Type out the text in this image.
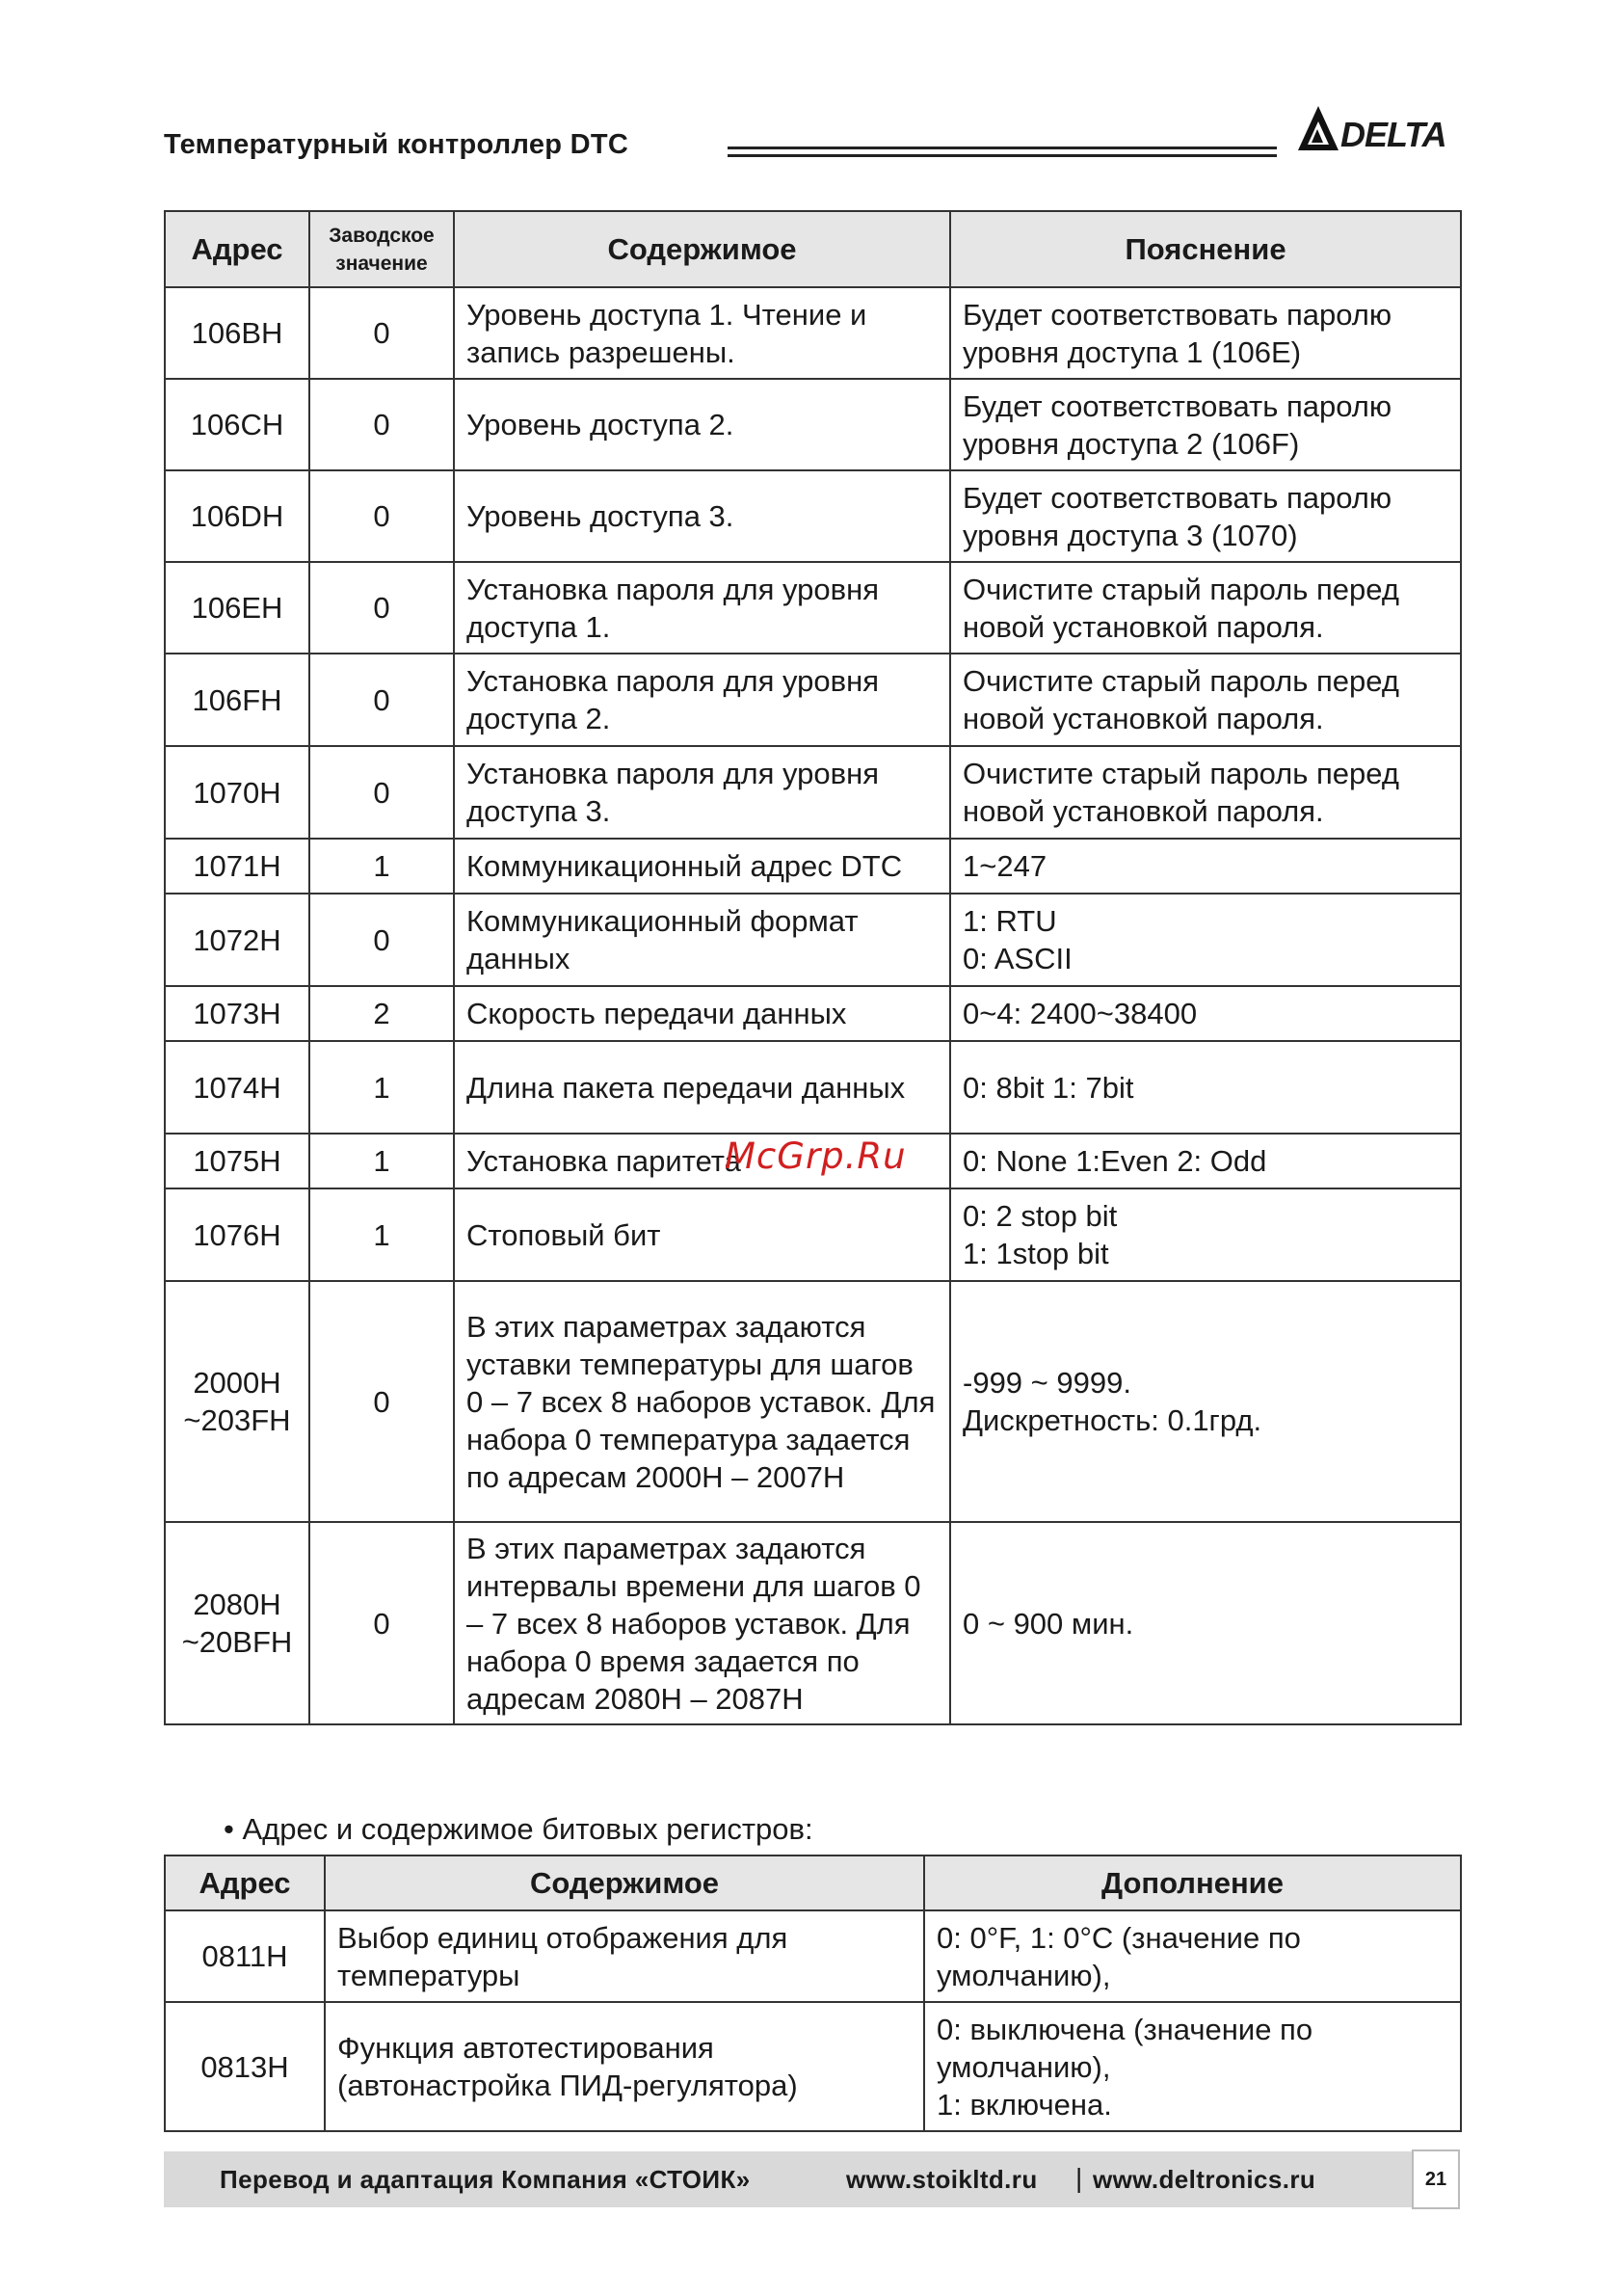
Температурный контроллер DTC	DELTA
Адрес	Заводское значение	Содержимое	Пояснение
106BH	0	Уровень доступа 1. Чтение и запись разрешены.	Будет соответствовать паролю уровня доступа 1 (106E)
106CH	0	Уровень доступа 2.	Будет соответствовать паролю уровня доступа 2 (106F)
106DH	0	Уровень доступа 3.	Будет соответствовать паролю уровня доступа 3 (1070)
106EH	0	Установка пароля для уровня доступа 1.	Очистите старый пароль перед новой установкой пароля.
106FH	0	Установка пароля для уровня доступа 2.	Очистите старый пароль перед новой установкой пароля.
1070H	0	Установка пароля для уровня доступа 3.	Очистите старый пароль перед новой установкой пароля.
1071H	1	Коммуникационный адрес DTC	1~247
1072H	0	Коммуникационный формат данных	1: RTU
0: ASCII
1073H	2	Скорость передачи данных	0~4: 2400~38400
1074H	1	Длина пакета передачи данных	0: 8bit 1: 7bit
1075H	1	Установка паритета	0: None 1:Even 2: Odd
1076H	1	Стоповый бит	0: 2 stop bit
1: 1stop bit
2000H
~203FH	0	В этих параметрах задаются уставки температуры для шагов 0 – 7 всех 8 наборов уставок. Для набора 0 температура задается по адресам 2000H – 2007H	-999 ~ 9999.
Дискретность: 0.1грд.
2080H
~20BFH	0	В этих параметрах задаются интервалы времени для шагов 0 – 7 всех 8 наборов уставок. Для набора 0 время задается по адресам 2080H – 2087H	0 ~ 900 мин.
McGrp.Ru
• Адрес и содержимое битовых регистров:
Адрес	Содержимое	Дополнение
0811H	Выбор единиц отображения для температуры	0: 0°F, 1: 0°C (значение по умолчанию),
0813H	Функция автотестирования (автонастройка ПИД-регулятора)	0: выключена (значение по умолчанию),
1: включена.
Перевод и адаптация Компания «СТОИК»	www.stoikltd.ru | www.deltronics.ru	21
